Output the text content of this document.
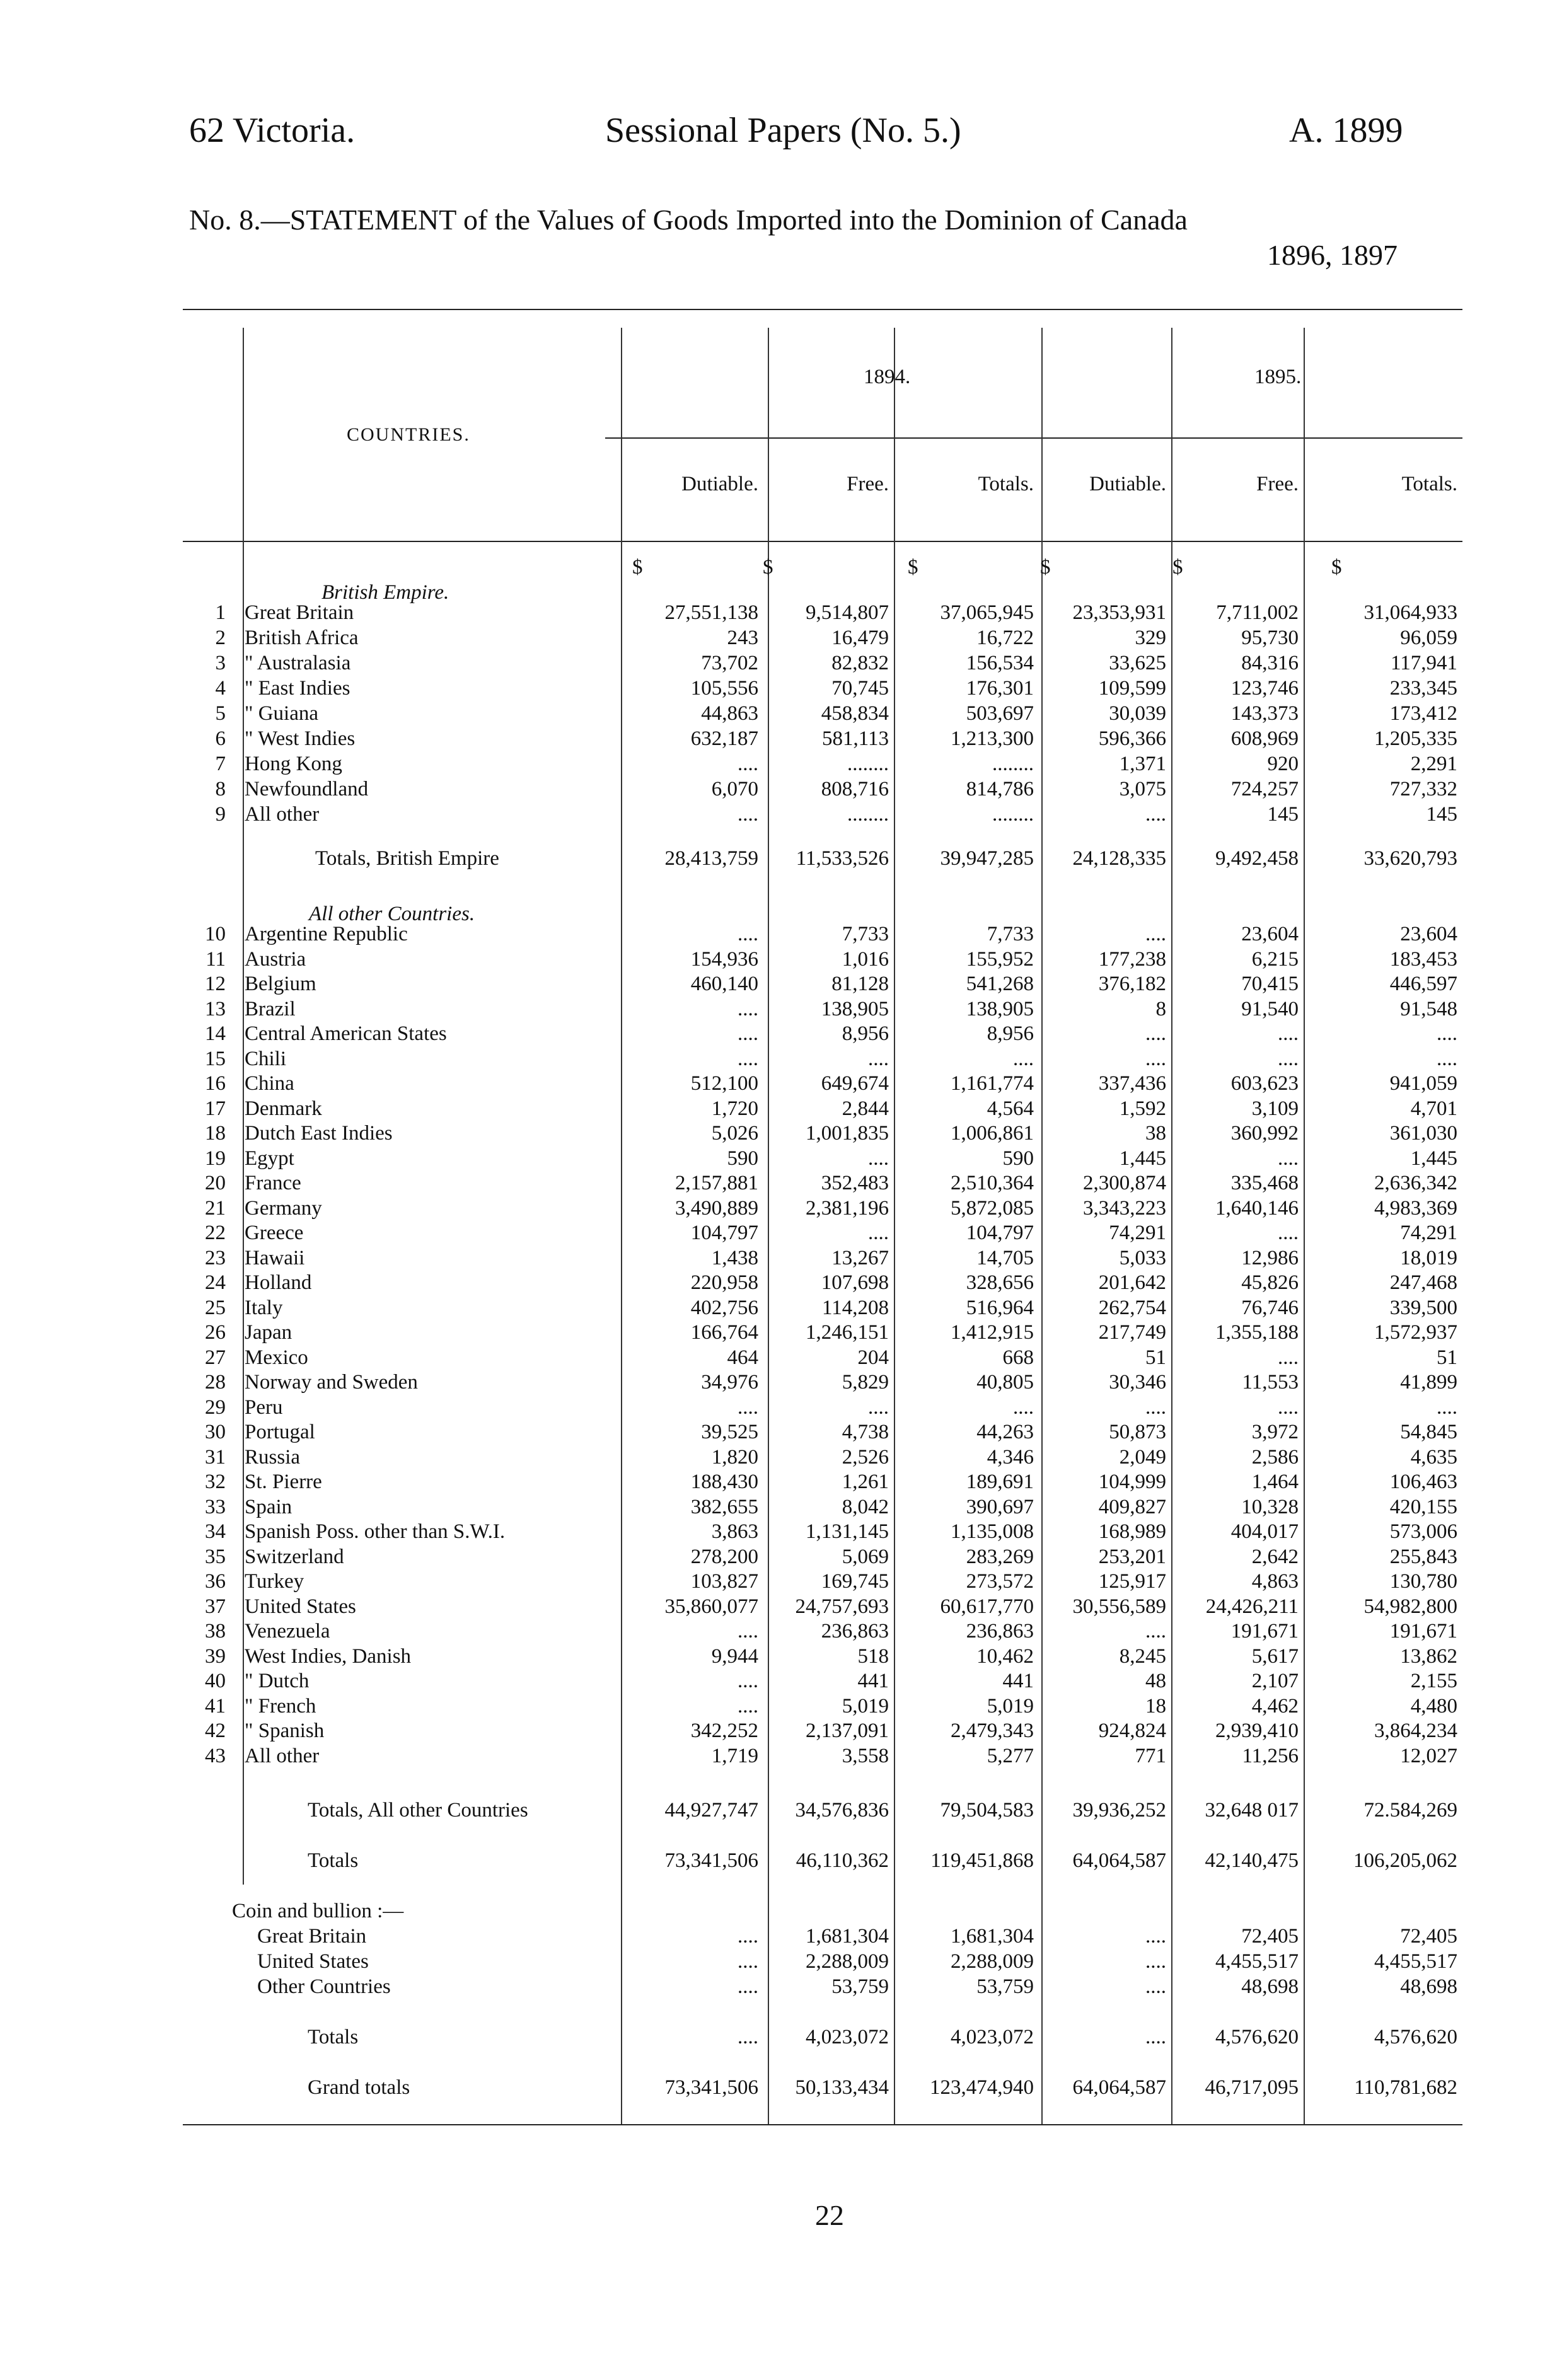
62 Victoria.	Sessional Papers (No. 5.)	A. 1899
No. 8.—STATEMENT of the Values of Goods Imported into the Dominion of Canada
1896, 1897
COUNTRIES.
1894.	1895.
Dutiable.	Free.	Totals.	Dutiable.	Free.	Totals.
$	$	$	$	$	$
British Empire.
1 Great Britain	27,551,138	9,514,807	37,065,945	23,353,931	7,711,002	31,064,933
2 British Africa	243	16,479	16,722	329	95,730	96,059
3 " Australasia	73,702	82,832	156,534	33,625	84,316	117,941
4 " East Indies	105,556	70,745	176,301	109,599	123,746	233,345
5 " Guiana	44,863	458,834	503,697	30,039	143,373	173,412
6 " West Indies	632,187	581,113	1,213,300	596,366	608,969	1,205,335
7 Hong Kong	....	........	........	1,371	920	2,291
8 Newfoundland	6,070	808,716	814,786	3,075	724,257	727,332
9 All other	....	........	........	....	145	145
Totals, British Empire	28,413,759	11,533,526	39,947,285	24,128,335	9,492,458	33,620,793
All other Countries.
10 Argentine Republic	....	7,733	7,733	....	23,604	23,604
11 Austria	154,936	1,016	155,952	177,238	6,215	183,453
12 Belgium	460,140	81,128	541,268	376,182	70,415	446,597
13 Brazil	....	138,905	138,905	8	91,540	91,548
14 Central American States	....	8,956	8,956	....	....	....
15 Chili	....	....	....	....	....	....
16 China	512,100	649,674	1,161,774	337,436	603,623	941,059
17 Denmark	1,720	2,844	4,564	1,592	3,109	4,701
18 Dutch East Indies	5,026	1,001,835	1,006,861	38	360,992	361,030
19 Egypt	590	....	590	1,445	....	1,445
20 France	2,157,881	352,483	2,510,364	2,300,874	335,468	2,636,342
21 Germany	3,490,889	2,381,196	5,872,085	3,343,223	1,640,146	4,983,369
22 Greece	104,797	....	104,797	74,291	....	74,291
23 Hawaii	1,438	13,267	14,705	5,033	12,986	18,019
24 Holland	220,958	107,698	328,656	201,642	45,826	247,468
25 Italy	402,756	114,208	516,964	262,754	76,746	339,500
26 Japan	166,764	1,246,151	1,412,915	217,749	1,355,188	1,572,937
27 Mexico	464	204	668	51	....	51
28 Norway and Sweden	34,976	5,829	40,805	30,346	11,553	41,899
29 Peru	....	....	....	....	....	....
30 Portugal	39,525	4,738	44,263	50,873	3,972	54,845
31 Russia	1,820	2,526	4,346	2,049	2,586	4,635
32 St. Pierre	188,430	1,261	189,691	104,999	1,464	106,463
33 Spain	382,655	8,042	390,697	409,827	10,328	420,155
34 Spanish Poss. other than S.W.I.	3,863	1,131,145	1,135,008	168,989	404,017	573,006
35 Switzerland	278,200	5,069	283,269	253,201	2,642	255,843
36 Turkey	103,827	169,745	273,572	125,917	4,863	130,780
37 United States	35,860,077	24,757,693	60,617,770	30,556,589	24,426,211	54,982,800
38 Venezuela	....	236,863	236,863	....	191,671	191,671
39 West Indies, Danish	9,944	518	10,462	8,245	5,617	13,862
40 " Dutch	....	441	441	48	2,107	2,155
41 " French	....	5,019	5,019	18	4,462	4,480
42 " Spanish	342,252	2,137,091	2,479,343	924,824	2,939,410	3,864,234
43 All other	1,719	3,558	5,277	771	11,256	12,027
Totals, All other Countries	44,927,747	34,576,836	79,504,583	39,936,252	32,648 017	72.584,269
Totals	73,341,506	46,110,362	119,451,868	64,064,587	42,140,475	106,205,062
Coin and bullion :—
Great Britain	....	1,681,304	1,681,304	....	72,405	72,405
United States	....	2,288,009	2,288,009	....	4,455,517	4,455,517
Other Countries	....	53,759	53,759	....	48,698	48,698
Totals	....	4,023,072	4,023,072	....	4,576,620	4,576,620
Grand totals	73,341,506	50,133,434	123,474,940	64,064,587	46,717,095	110,781,682
22
